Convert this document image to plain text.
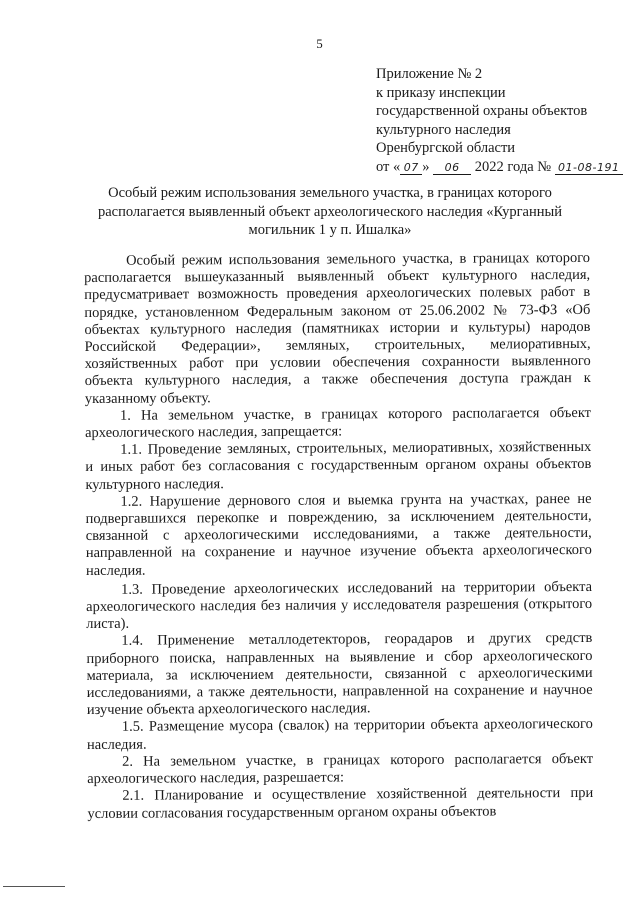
5
Приложение № 2
к приказу инспекции
государственной охраны объектов
культурного наследия
Оренбургской области
от « 07 » 06 2022 года № 01-08-191
Особый режим использования земельного участка, в границах которого располагается выявленный объект археологического наследия «Курганный могильник 1 у п. Ишалка»

Особый режим использования земельного участка, в границах которого располагается вышеуказанный выявленный объект культурного наследия, предусматривает возможность проведения археологических полевых работ в порядке, установленном Федеральным законом от 25.06.2002 № 73-ФЗ «Об объектах культурного наследия (памятниках истории и культуры) народов Российской Федерации», земляных, строительных, мелиоративных, хозяйственных работ при условии обеспечения сохранности выявленного объекта культурного наследия, а также обеспечения доступа граждан к указанному объекту.

1. На земельном участке, в границах которого располагается объект археологического наследия, запрещается:

1.1. Проведение земляных, строительных, мелиоративных, хозяйственных и иных работ без согласования с государственным органом охраны объектов культурного наследия.

1.2. Нарушение дернового слоя и выемка грунта на участках, ранее не подвергавшихся перекопке и повреждению, за исключением деятельности, связанной с археологическими исследованиями, а также деятельности, направленной на сохранение и научное изучение объекта археологического наследия.

1.3. Проведение археологических исследований на территории объекта археологического наследия без наличия у исследователя разрешения (открытого листа).

1.4. Применение металлодетекторов, георадаров и других средств приборного поиска, направленных на выявление и сбор археологического материала, за исключением деятельности, связанной с археологическими исследованиями, а также деятельности, направленной на сохранение и научное изучение объекта археологического наследия.

1.5. Размещение мусора (свалок) на территории объекта археологического наследия.

2. На земельном участке, в границах которого располагается объект археологического наследия, разрешается:

2.1. Планирование и осуществление хозяйственной деятельности при условии согласования государственным органом охраны объектов
